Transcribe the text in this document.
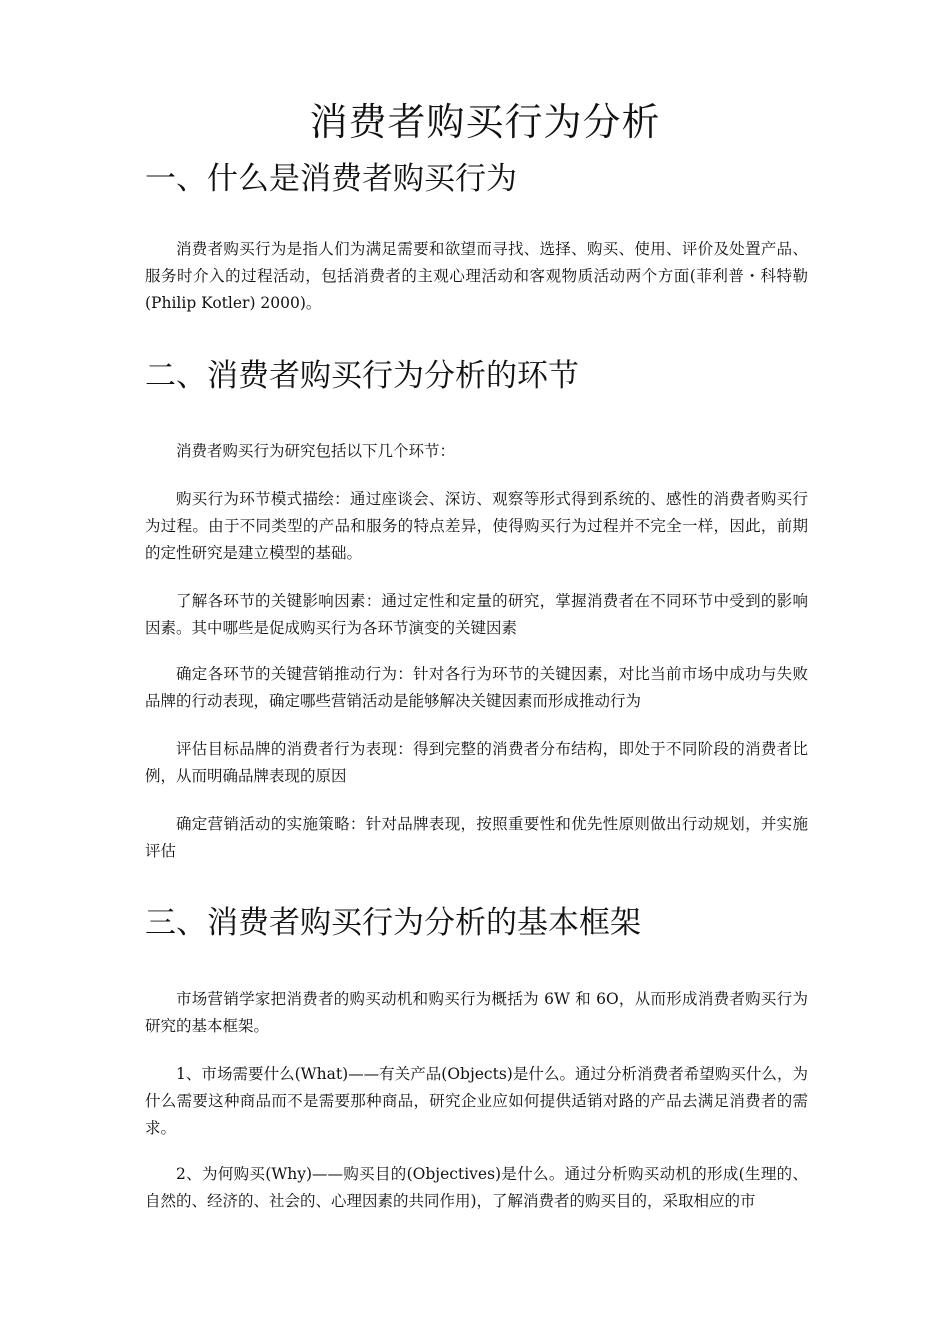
消费者购买行为分析
一、什么是消费者购买行为

消费者购买行为是指人们为满足需要和欲望而寻找、选择、购买、使用、评价及处置产品、服务时介入的过程活动，包括消费者的主观心理活动和客观物质活动两个方面(菲利普・科特勒(Philip Kotler) 2000)。

二、消费者购买行为分析的环节

消费者购买行为研究包括以下几个环节：

购买行为环节模式描绘：通过座谈会、深访、观察等形式得到系统的、感性的消费者购买行为过程。由于不同类型的产品和服务的特点差异，使得购买行为过程并不完全一样，因此，前期的定性研究是建立模型的基础。

了解各环节的关键影响因素：通过定性和定量的研究，掌握消费者在不同环节中受到的影响因素。其中哪些是促成购买行为各环节演变的关键因素

确定各环节的关键营销推动行为：针对各行为环节的关键因素，对比当前市场中成功与失败品牌的行动表现，确定哪些营销活动是能够解决关键因素而形成推动行为

评估目标品牌的消费者行为表现：得到完整的消费者分布结构，即处于不同阶段的消费者比例，从而明确品牌表现的原因

确定营销活动的实施策略：针对品牌表现，按照重要性和优先性原则做出行动规划，并实施评估

三、消费者购买行为分析的基本框架

市场营销学家把消费者的购买动机和购买行为概括为 6W 和 6O，从而形成消费者购买行为研究的基本框架。

1、市场需要什么(What)——有关产品(Objects)是什么。通过分析消费者希望购买什么，为什么需要这种商品而不是需要那种商品，研究企业应如何提供适销对路的产品去满足消费者的需求。

2、为何购买(Why)——购买目的(Objectives)是什么。通过分析购买动机的形成(生理的、自然的、经济的、社会的、心理因素的共同作用)，了解消费者的购买目的，采取相应的市
